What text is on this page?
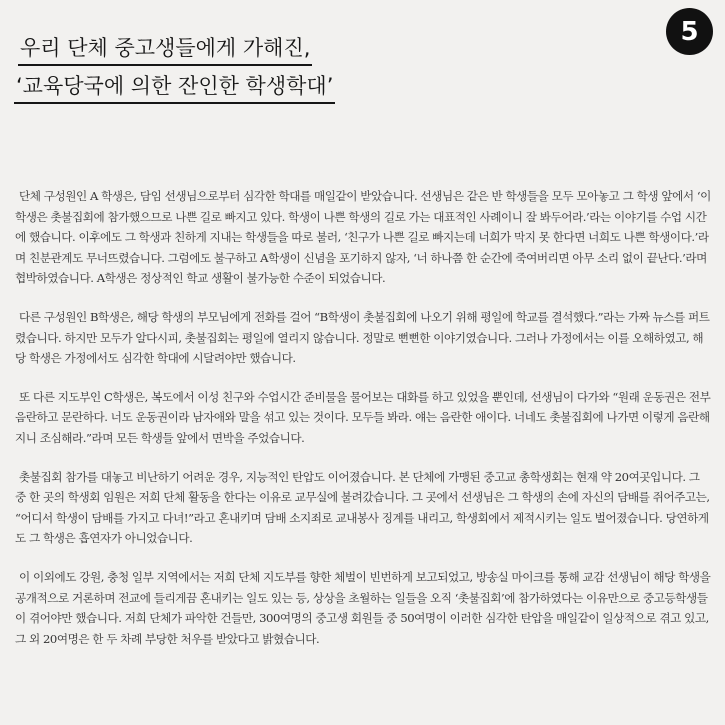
5
우리 단체 중고생들에게 가해진,
‘교육당국에 의한 잔인한 학생학대’

단체 구성원인 A 학생은, 담임 선생님으로부터 심각한 학대를 매일같이 받았습니다. 선생님은 같은 반 학생들을 모두 모아놓고 그 학생 앞에서 ‘이 학생은 촛불집회에 참가했으므로 나쁜 길로 빠지고 있다. 학생이 나쁜 학생의 길로 가는 대표적인 사례이니 잘 봐두어라.’라는 이야기를 수업 시간에 했습니다. 이후에도 그 학생과 친하게 지내는 학생들을 따로 불러, ‘친구가 나쁜 길로 빠지는데 너희가 막지 못 한다면 너희도 나쁜 학생이다.’라며 친분관계도 무너뜨렸습니다. 그럼에도 불구하고 A학생이 신념을 포기하지 않자, ‘너 하나쯤 한 순간에 죽여버리면 아무 소리 없이 끝난다.’라며 협박하였습니다. A학생은 정상적인 학교 생활이 불가능한 수준이 되었습니다.

다른 구성원인 B학생은, 해당 학생의 부모님에게 전화를 걸어 “B학생이 촛불집회에 나오기 위해 평일에 학교를 결석했다.”라는 가짜 뉴스를 퍼트렸습니다. 하지만 모두가 알다시피, 촛불집회는 평일에 열리지 않습니다. 정말로 뻔뻔한 이야기였습니다. 그러나 가정에서는 이를 오해하였고, 해당 학생은 가정에서도 심각한 학대에 시달려야만 했습니다.

또 다른 지도부인 C학생은, 복도에서 이성 친구와 수업시간 준비물을 물어보는 대화를 하고 있었을 뿐인데, 선생님이 다가와 “원래 운동권은 전부 음란하고 문란하다. 너도 운동권이라 남자애와 말을 섞고 있는 것이다. 모두들 봐라. 얘는 음란한 애이다. 너네도 촛불집회에 나가면 이렇게 음란해지니 조심해라.”라며 모든 학생들 앞에서 면박을 주었습니다.

촛불집회 참가를 대놓고 비난하기 어려운 경우, 지능적인 탄압도 이어졌습니다. 본 단체에 가맹된 중고교 총학생회는 현재 약 20여곳입니다. 그 중 한 곳의 학생회 임원은 저희 단체 활동을 한다는 이유로 교무실에 불려갔습니다. 그 곳에서 선생님은 그 학생의 손에 자신의 담배를 쥐어주고는, “어디서 학생이 담배를 가지고 다녀!”라고 혼내키며 담배 소지죄로 교내봉사 징계를 내리고, 학생회에서 제적시키는 일도 벌어졌습니다. 당연하게도 그 학생은 흡연자가 아니었습니다.

이 이외에도 강원, 충청 일부 지역에서는 저희 단체 지도부를 향한 체벌이 빈번하게 보고되었고, 방송실 마이크를 통해 교감 선생님이 해당 학생을 공개적으로 거론하며 전교에 들리게끔 혼내키는 일도 있는 등, 상상을 초월하는 일들을 오직 ‘촛불집회’에 참가하였다는 이유만으로 중고등학생들이 겪어야만 했습니다. 저희 단체가 파악한 건들만, 300여명의 중고생 회원들 중 50여명이 이러한 심각한 탄압을 매일같이 일상적으로 겪고 있고, 그 외 20여명은 한 두 차례 부당한 처우를 받았다고 밝혔습니다.
